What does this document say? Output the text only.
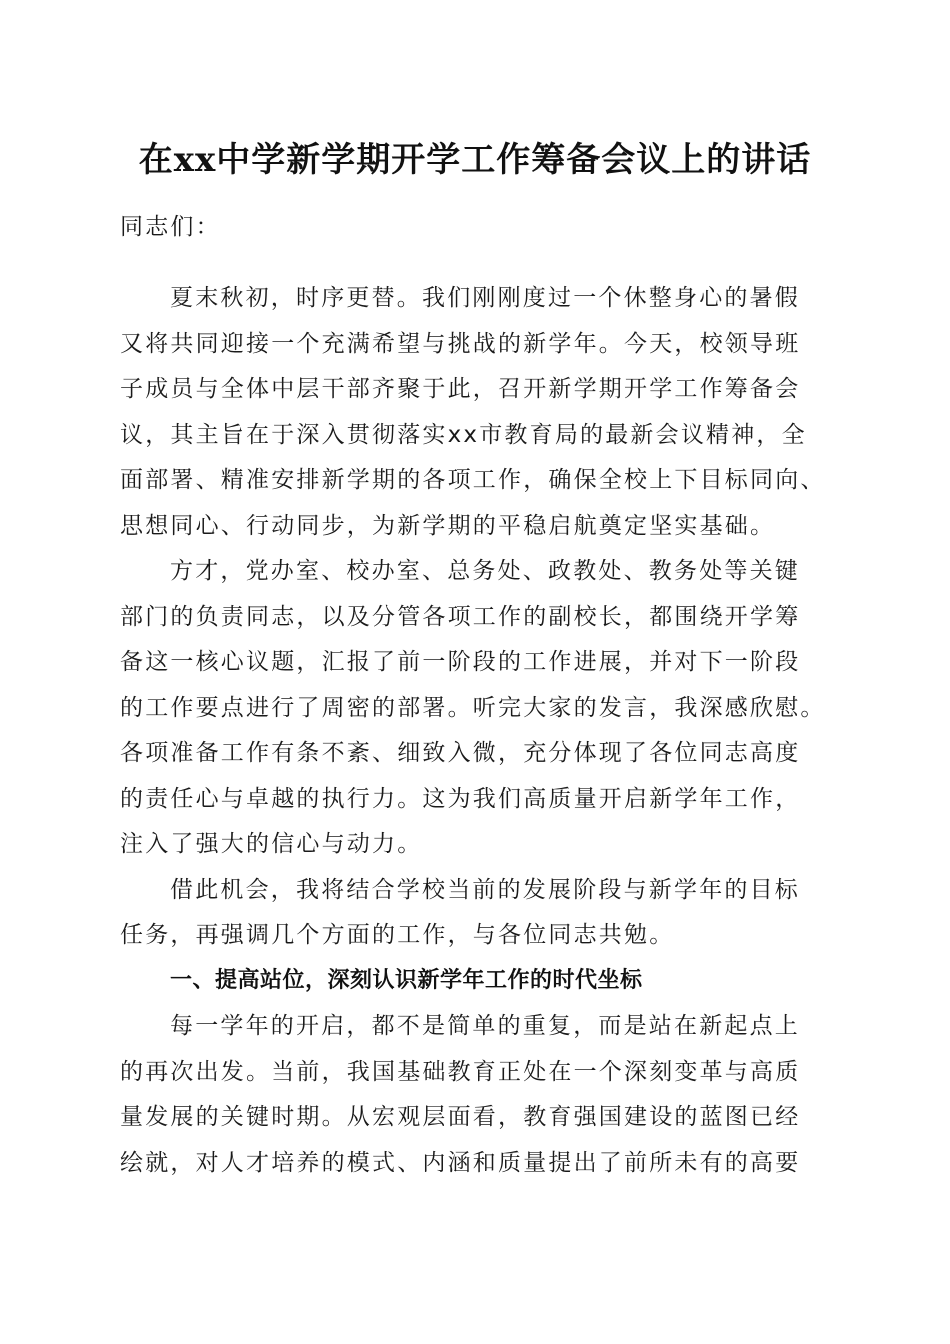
在xx中学新学期开学工作筹备会议上的讲话
同志们：
夏末秋初，时序更替。我们刚刚度过一个休整身心的暑假
又将共同迎接一个充满希望与挑战的新学年。今天，校领导班
子成员与全体中层干部齐聚于此，召开新学期开学工作筹备会
议，其主旨在于深入贯彻落实xx市教育局的最新会议精神，全
面部署、精准安排新学期的各项工作，确保全校上下目标同向、
思想同心、行动同步，为新学期的平稳启航奠定坚实基础。
方才，党办室、校办室、总务处、政教处、教务处等关键
部门的负责同志，以及分管各项工作的副校长，都围绕开学筹
备这一核心议题，汇报了前一阶段的工作进展，并对下一阶段
的工作要点进行了周密的部署。听完大家的发言，我深感欣慰。
各项准备工作有条不紊、细致入微，充分体现了各位同志高度
的责任心与卓越的执行力。这为我们高质量开启新学年工作，
注入了强大的信心与动力。
借此机会，我将结合学校当前的发展阶段与新学年的目标
任务，再强调几个方面的工作，与各位同志共勉。
一、提高站位，深刻认识新学年工作的时代坐标
每一学年的开启，都不是简单的重复，而是站在新起点上
的再次出发。当前，我国基础教育正处在一个深刻变革与高质
量发展的关键时期。从宏观层面看，教育强国建设的蓝图已经
绘就，对人才培养的模式、内涵和质量提出了前所未有的高要
